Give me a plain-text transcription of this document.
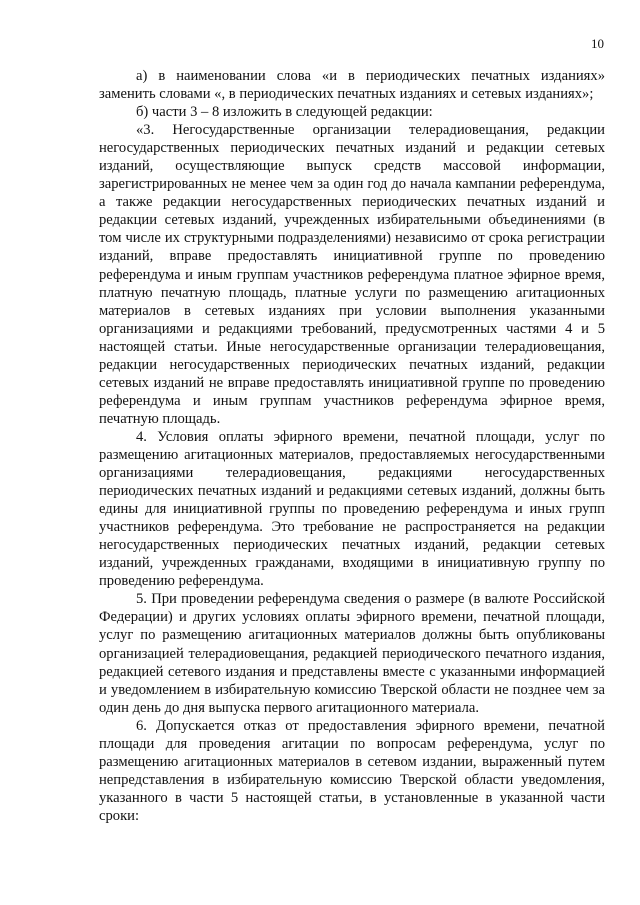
10

а) в наименовании слова «и в периодических печатных изданиях» заменить словами «, в периодических печатных изданиях и сетевых изданиях»;

б) части 3 – 8 изложить в следующей редакции:

«3. Негосударственные организации телерадиовещания, редакции негосударственных периодических печатных изданий и редакции сетевых изданий, осуществляющие выпуск средств массовой информации, зарегистрированных не менее чем за один год до начала кампании референдума, а также редакции негосударственных периодических печатных изданий и редакции сетевых изданий, учрежденных избирательными объединениями (в том числе их структурными подразделениями) независимо от срока регистрации изданий, вправе предоставлять инициативной группе по проведению референдума и иным группам участников референдума платное эфирное время, платную печатную площадь, платные услуги по размещению агитационных материалов в сетевых изданиях при условии выполнения указанными организациями и редакциями требований, предусмотренных частями 4 и 5 настоящей статьи. Иные негосударственные организации телерадиовещания, редакции негосударственных периодических печатных изданий, редакции сетевых изданий не вправе предоставлять инициативной группе по проведению референдума и иным группам участников референдума эфирное время, печатную площадь.

4. Условия оплаты эфирного времени, печатной площади, услуг по размещению агитационных материалов, предоставляемых негосударственными организациями телерадиовещания, редакциями негосударственных периодических печатных изданий и редакциями сетевых изданий, должны быть едины для инициативной группы по проведению референдума и иных групп участников референдума. Это требование не распространяется на редакции негосударственных периодических печатных изданий, редакции сетевых изданий, учрежденных гражданами, входящими в инициативную группу по проведению референдума.

5. При проведении референдума сведения о размере (в валюте Российской Федерации) и других условиях оплаты эфирного времени, печатной площади, услуг по размещению агитационных материалов должны быть опубликованы организацией телерадиовещания, редакцией периодического печатного издания, редакцией сетевого издания и представлены вместе с указанными информацией и уведомлением в избирательную комиссию Тверской области не позднее чем за один день до дня выпуска первого агитационного материала.

6. Допускается отказ от предоставления эфирного времени, печатной площади для проведения агитации по вопросам референдума, услуг по размещению агитационных материалов в сетевом издании, выраженный путем непредставления в избирательную комиссию Тверской области уведомления, указанного в части 5 настоящей статьи, в установленные в указанной части сроки:
